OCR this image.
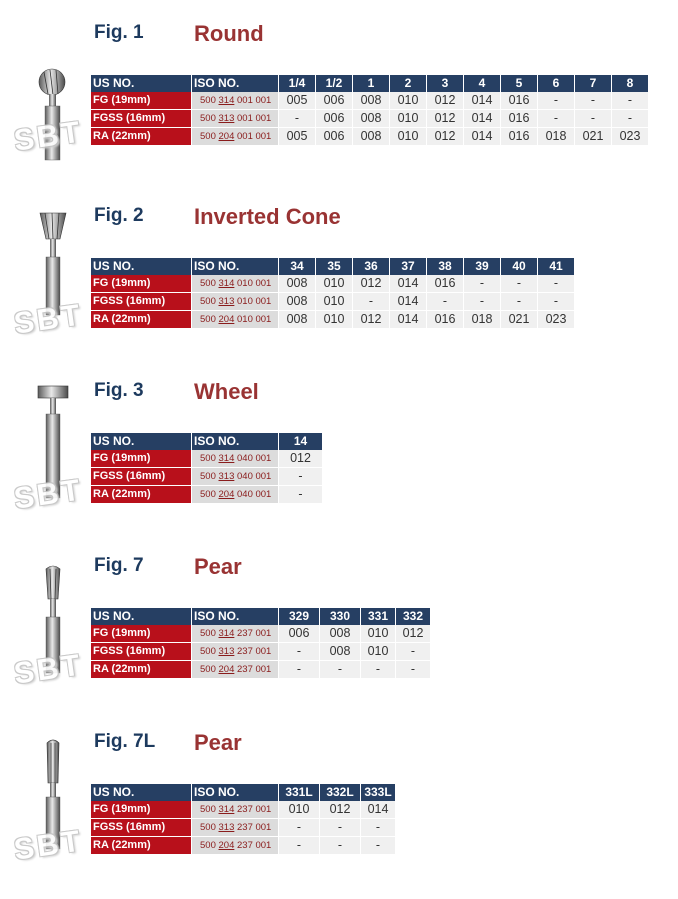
Fig. 1 Round
SBT
US NO.	ISO NO.	1/4	1/2	1	2	3	4	5	6	7	8
FG (19mm)	500 314 001 001	005	006	008	010	012	014	016	-	-	-
FGSS (16mm)	500 313 001 001	-	006	008	010	012	014	016	-	-	-
RA (22mm)	500 204 001 001	005	006	008	010	012	014	016	018	021	023
Fig. 2 Inverted Cone
SBT
US NO.	ISO NO.	34	35	36	37	38	39	40	41
FG (19mm)	500 314 010 001	008	010	012	014	016	-	-	-
FGSS (16mm)	500 313 010 001	008	010	-	014	-	-	-	-
RA (22mm)	500 204 010 001	008	010	012	014	016	018	021	023
Fig. 3 Wheel
SBT
US NO.	ISO NO.	14
FG (19mm)	500 314 040 001	012
FGSS (16mm)	500 313 040 001	-
RA (22mm)	500 204 040 001	-
Fig. 7 Pear
SBT
US NO.	ISO NO.	329	330	331	332
FG (19mm)	500 314 237 001	006	008	010	012
FGSS (16mm)	500 313 237 001	-	008	010	-
RA (22mm)	500 204 237 001	-	-	-	-
Fig. 7L Pear
SBT
US NO.	ISO NO.	331L	332L	333L
FG (19mm)	500 314 237 001	010	012	014
FGSS (16mm)	500 313 237 001	-	-	-
RA (22mm)	500 204 237 001	-	-	-
